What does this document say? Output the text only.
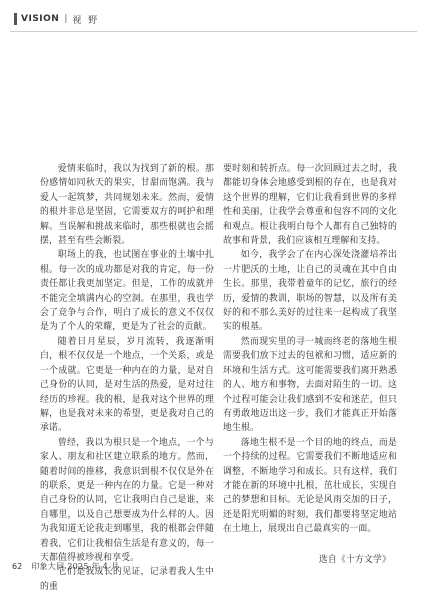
VISION | 视 野

爱情来临时，我以为找到了新的根。那份感情如同秋天的果实，甘甜而饱满。我与爱人一起筑梦，共同规划未来。然而，爱情的根并非总是坚固，它需要双方的呵护和理解。当误解和挑战来临时，那些根就也会摇摆，甚至有些会断裂。

职场上的我，也试图在事业的土壤中扎根。每一次的成功都是对我的肯定，每一份责任都让我更加坚定。但是，工作的成就并不能完全填满内心的空洞。在那里，我也学会了竞争与合作，明白了成长的意义不仅仅是为了个人的荣耀，更是为了社会的贡献。

随着日月星辰，岁月流转，我逐渐明白，根不仅仅是一个地点，一个关系，或是一个成就。它更是一种内在的力量，是对自己身份的认同，是对生活的热爱，是对过往经历的珍视。我的根，是我对这个世界的理解，也是我对未来的希望，更是我对自己的承诺。

曾经，我以为根只是一个地点，一个与家人、朋友和社区建立联系的地方。然而，随着时间的推移，我意识到根不仅仅是外在的联系，更是一种内在的力量。它是一种对自己身份的认同，它让我明白自己是谁，来自哪里，以及自己想要成为什么样的人。因为我知道无论我走到哪里，我的根都会伴随着我，它们让我相信生活是有意义的，每一天都值得被珍视和享受。

它们是我成长的见证，记录着我人生中的重

要时刻和转折点。每一次回顾过去之时，我都能切身体会地感受到根的存在，也是我对这个世界的理解，它们让我看到世界的多样性和美丽，让我学会尊重和包容不同的文化和观点。根让我明白每个人都有自己独特的故事和背景，我们应该相互理解和支持。

如今，我学会了在内心深处浇灌培养出一片肥沃的土地，让自己的灵魂在其中自由生长。那里，我带着童年的记忆，旅行的经历，爱情的教训，职场的智慧，以及所有美好的和不那么美好的过往来一起构成了我坚实的根基。

然而现实里的寻一城而终老的落地生根需要我们放下过去的包袱和习惯，适应新的环境和生活方式。这可能需要我们离开熟悉的人、地方和事物，去面对陌生的一切。这个过程可能会让我们感到不安和迷茫，但只有勇敢地迈出这一步，我们才能真正开始落地生根。

落地生根不是一个目的地的终点，而是一个持续的过程。它需要我们不断地适应和调整，不断地学习和成长。只有这样，我们才能在新的环境中扎根，茁壮成长，实现自己的梦想和目标。无论是风雨交加的日子，还是阳光明媚的时刻，我们都要将坚定地站在土地上，展现出自己最真实的一面。

选自《十方文学》

62 印象大同 2025 年 4 月
